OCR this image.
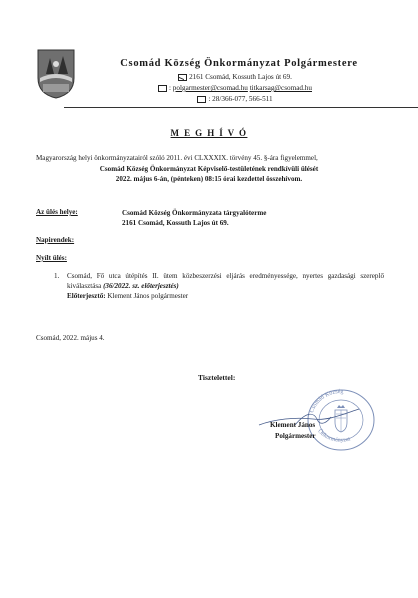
Csomád Község Önkormányzat Polgármestere
2161 Csomád, Kossuth Lajos út 69.
: polgarmester@csomad.hu titkarsag@csomad.hu
: 28/366-077, 566-511
M E G H Í V Ó
Magyarország helyi önkormányzatairól szóló 2011. évi CLXXXIX. törvény 45. §-ára figyelemmel,
Csomád Község Önkormányzat Képviselő-testületének rendkívüli ülését
2022. május 6-án, (pénteken) 08:15 órai kezdettel összehívom.
Az ülés helye:	Csomád Község Önkormányzata tárgyalóterme
2161 Csomád, Kossuth Lajos út 69.
Napirendek:
Nyílt ülés:
1. Csomád, Fő utca útépítés II. ütem közbeszerzési eljárás eredményessége, nyertes gazdasági szereplő kiválasztása (36/2022. sz. előterjesztés)
Előterjesztő: Klement János polgármester
Csomád, 2022. május 4.
Tisztelettel:
Csomád Község
Önkormányzat
Klement János
Polgármester
